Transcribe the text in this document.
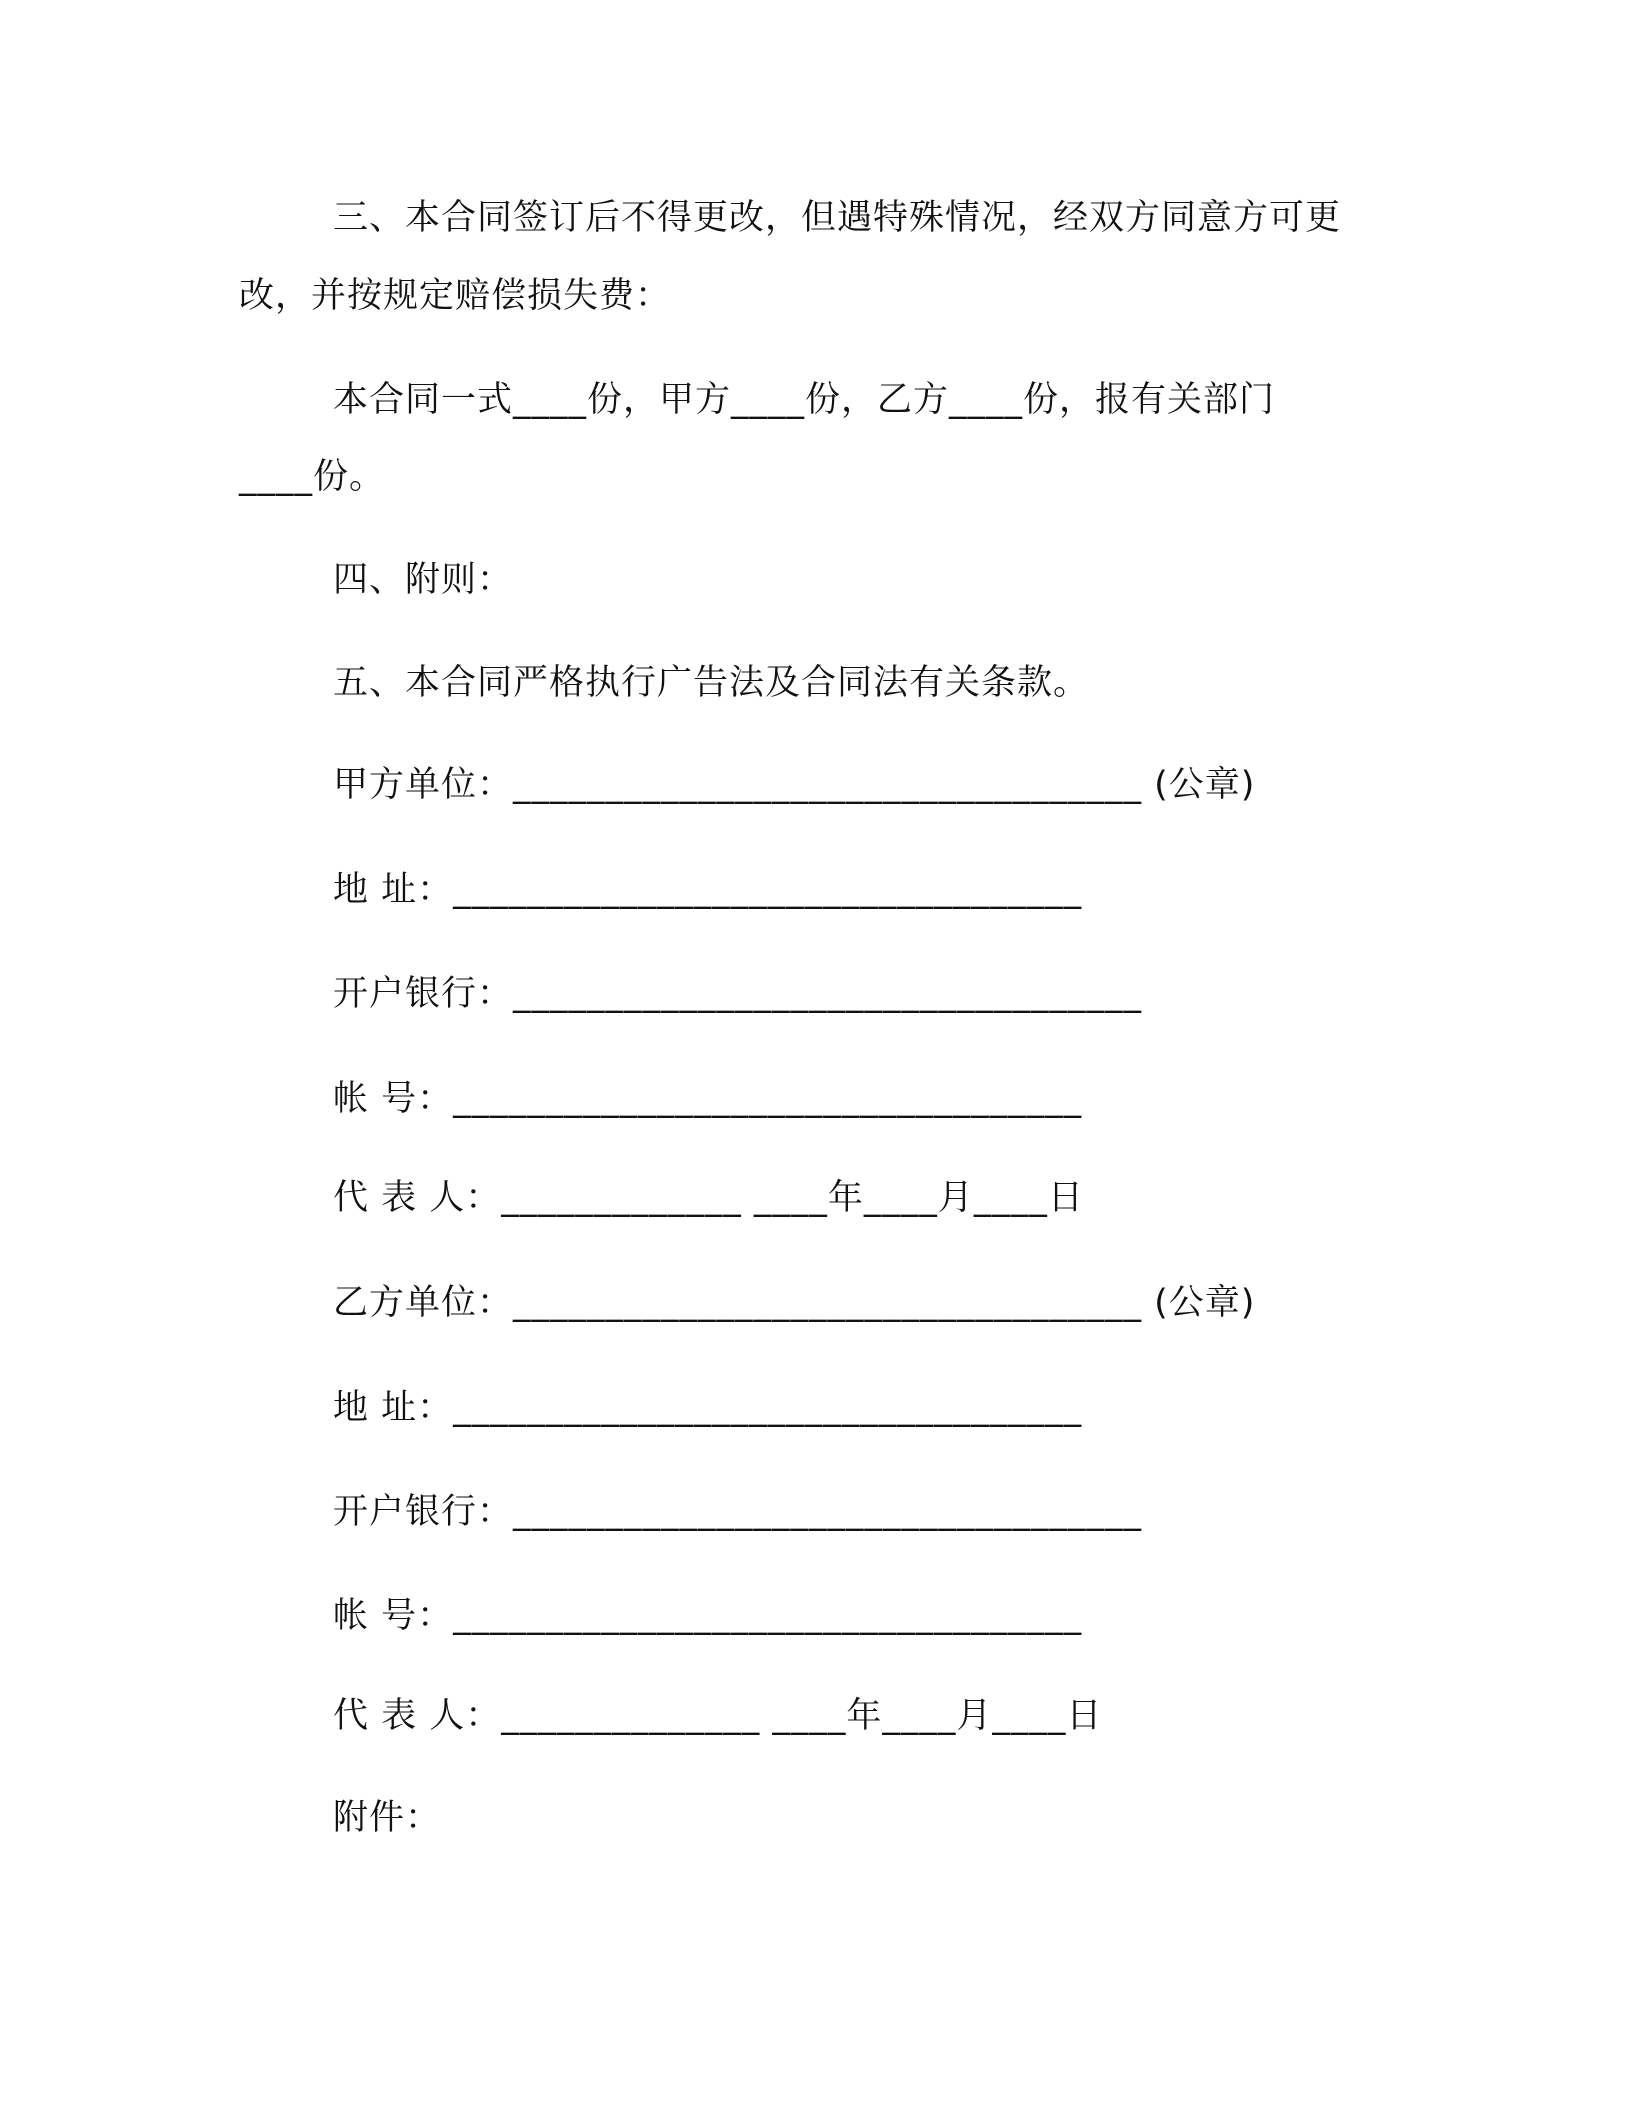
三、本合同签订后不得更改，但遇特殊情况，经双方同意方可更
改，并按规定赔偿损失费：
本合同一式____份，甲方____份，乙方____份，报有关部门
____份。
四、附则：
五、本合同严格执行广告法及合同法有关条款。
甲方单位：__________________________________ (公章)
地 址：__________________________________
开户银行：__________________________________
帐 号：__________________________________
代 表 人：_____________ ____年____月____日
乙方单位：__________________________________ (公章)
地 址：__________________________________
开户银行：__________________________________
帐 号：__________________________________
代 表 人：______________ ____年____月____日
附件：
